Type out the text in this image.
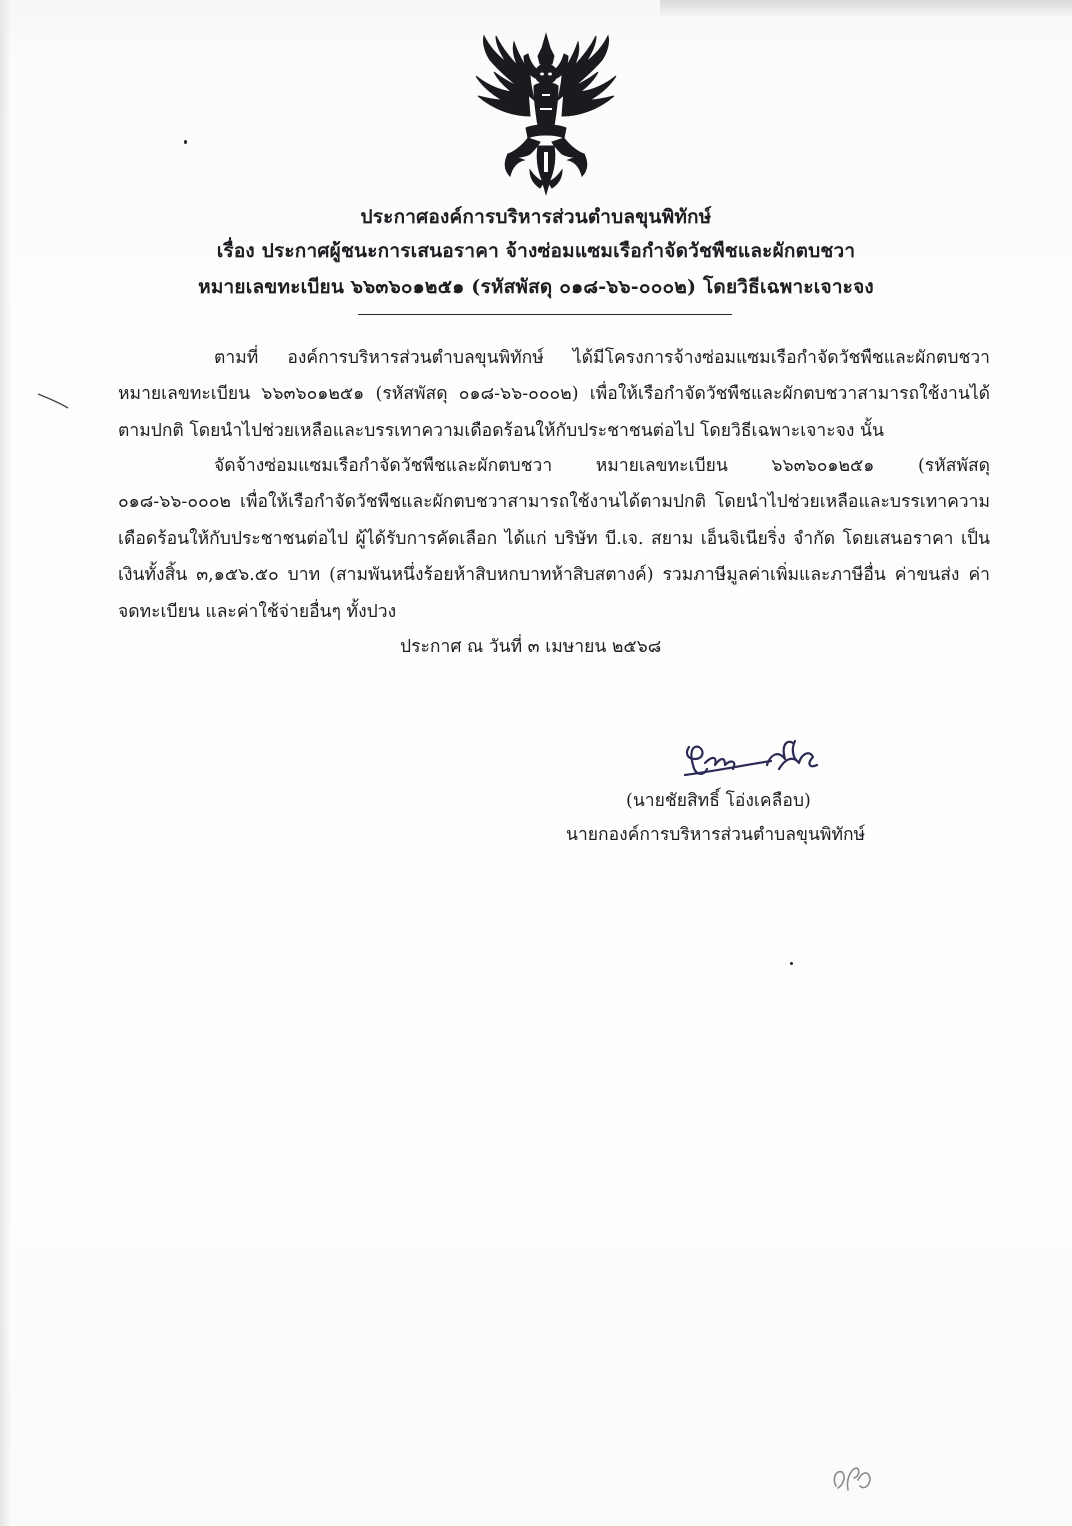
ประกาศองค์การบริหารส่วนตำบลขุนพิทักษ์
เรื่อง ประกาศผู้ชนะการเสนอราคา จ้างซ่อมแซมเรือกำจัดวัชพืชและผักตบชวา
หมายเลขทะเบียน ๖๖๓๖๐๑๒๕๑ (รหัสพัสดุ ๐๑๘-๖๖-๐๐๐๒) โดยวิธีเฉพาะเจาะจง

ตามที่ องค์การบริหารส่วนตำบลขุนพิทักษ์ ได้มีโครงการจ้างซ่อมแซมเรือกำจัดวัชพืชและผักตบชวา หมายเลขทะเบียน ๖๖๓๖๐๑๒๕๑ (รหัสพัสดุ ๐๑๘-๖๖-๐๐๐๒) เพื่อให้เรือกำจัดวัชพืชและผักตบชวาสามารถใช้งานได้ตามปกติ โดยนำไปช่วยเหลือและบรรเทาความเดือดร้อนให้กับประชาชนต่อไป โดยวิธีเฉพาะเจาะจง นั้น

จัดจ้างซ่อมแซมเรือกำจัดวัชพืชและผักตบชวา หมายเลขทะเบียน ๖๖๓๖๐๑๒๕๑ (รหัสพัสดุ ๐๑๘-๖๖-๐๐๐๒ เพื่อให้เรือกำจัดวัชพืชและผักตบชวาสามารถใช้งานได้ตามปกติ โดยนำไปช่วยเหลือและบรรเทาความเดือดร้อนให้กับประชาชนต่อไป ผู้ได้รับการคัดเลือก ได้แก่ บริษัท บี.เจ. สยาม เอ็นจิเนียริ่ง จำกัด โดยเสนอราคา เป็นเงินทั้งสิ้น ๓,๑๕๖.๕๐ บาท (สามพันหนึ่งร้อยห้าสิบหกบาทห้าสิบสตางค์) รวมภาษีมูลค่าเพิ่มและภาษีอื่น ค่าขนส่ง ค่าจดทะเบียน และค่าใช้จ่ายอื่นๆ ทั้งปวง

ประกาศ ณ วันที่ ๓ เมษายน ๒๕๖๘
(นายชัยสิทธิ์ โอ่งเคลือบ)
นายกองค์การบริหารส่วนตำบลขุนพิทักษ์
